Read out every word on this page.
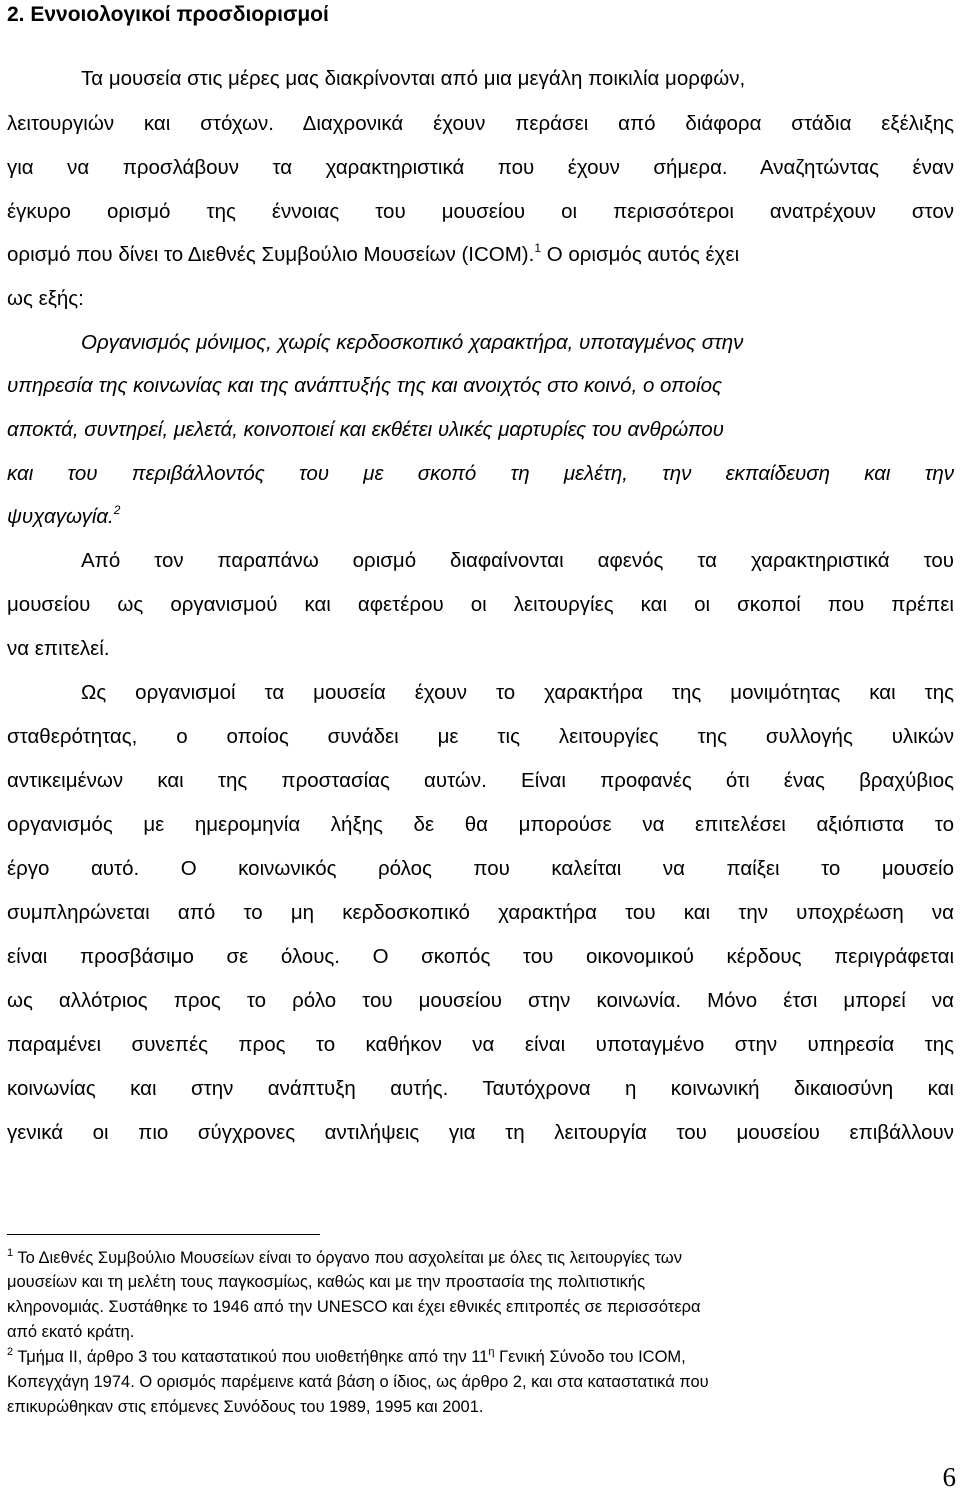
2. Εννοιολογικοί προσδιορισμοί
Τα μουσεία στις μέρες μας διακρίνονται από μια μεγάλη ποικιλία μορφών,
λειτουργιών και στόχων. Διαχρονικά έχουν περάσει από διάφορα στάδια εξέλιξης
για να προσλάβουν τα χαρακτηριστικά που έχουν σήμερα. Αναζητώντας έναν
έγκυρο ορισμό της έννοιας του μουσείου οι περισσότεροι ανατρέχουν στον
ορισμό που δίνει το Διεθνές Συμβούλιο Μουσείων (ICOM).$^1$ Ο ορισμός αυτός έχει
ως εξής:
Οργανισμός μόνιμος, χωρίς κερδοσκοπικό χαρακτήρα, υποταγμένος στην
υπηρεσία της κοινωνίας και της ανάπτυξής της και ανοιχτός στο κοινό, ο οποίος
αποκτά, συντηρεί, μελετά, κοινοποιεί και εκθέτει υλικές μαρτυρίες του ανθρώπου
και του περιβάλλοντός του με σκοπό τη μελέτη, την εκπαίδευση και την
ψυχαγωγία.$^2$
Από τον παραπάνω ορισμό διαφαίνονται αφενός τα χαρακτηριστικά του
μουσείου ως οργανισμού και αφετέρου οι λειτουργίες και οι σκοποί που πρέπει
να επιτελεί.
Ως οργανισμοί τα μουσεία έχουν το χαρακτήρα της μονιμότητας και της
σταθερότητας, ο οποίος συνάδει με τις λειτουργίες της συλλογής υλικών
αντικειμένων και της προστασίας αυτών. Είναι προφανές ότι ένας βραχύβιος
οργανισμός με ημερομηνία λήξης δε θα μπορούσε να επιτελέσει αξιόπιστα το
έργο αυτό. Ο κοινωνικός ρόλος που καλείται να παίξει το μουσείο
συμπληρώνεται από το μη κερδοσκοπικό χαρακτήρα του και την υποχρέωση να
είναι προσβάσιμο σε όλους. Ο σκοπός του οικονομικού κέρδους περιγράφεται
ως αλλότριος προς το ρόλο του μουσείου στην κοινωνία. Μόνο έτσι μπορεί να
παραμένει συνεπές προς το καθήκον να είναι υποταγμένο στην υπηρεσία της
κοινωνίας και στην ανάπτυξη αυτής. Ταυτόχρονα η κοινωνική δικαιοσύνη και
γενικά οι πιο σύγχρονες αντιλήψεις για τη λειτουργία του μουσείου επιβάλλουν
$^1$ Το Διεθνές Συμβούλιο Μουσείων είναι το όργανο που ασχολείται με όλες τις λειτουργίες των
μουσείων και τη μελέτη τους παγκοσμίως, καθώς και με την προστασία της πολιτιστικής
κληρονομιάς. Συστάθηκε το 1946 από την UNESCO και έχει εθνικές επιτροπές σε περισσότερα
από εκατό κράτη.
$^2$ Τμήμα ΙΙ, άρθρο 3 του καταστατικού που υιοθετήθηκε από την $11^\eta$ Γενική Σύνοδο του ICOM,
Κοπεγχάγη 1974. Ο ορισμός παρέμεινε κατά βάση ο ίδιος, ως άρθρο 2, και στα καταστατικά που
επικυρώθηκαν στις επόμενες Συνόδους του 1989, 1995 και 2001.
6
